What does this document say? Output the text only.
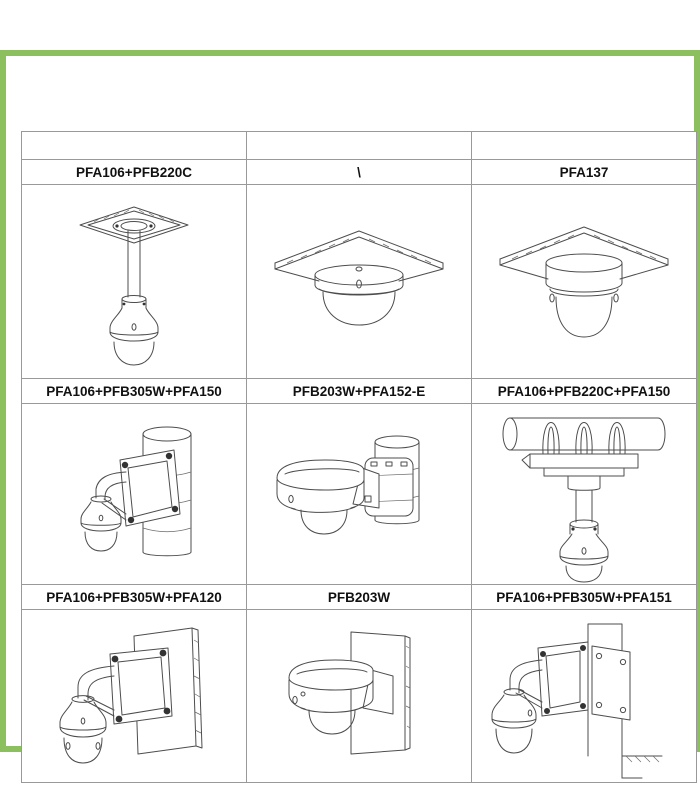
PFA106+PFB220C	\	PFA137

PFA106+PFB305W+PFA150	PFB203W+PFA152-E	PFA106+PFB220C+PFA150

PFA106+PFB305W+PFA120	PFB203W	PFA106+PFB305W+PFA151
